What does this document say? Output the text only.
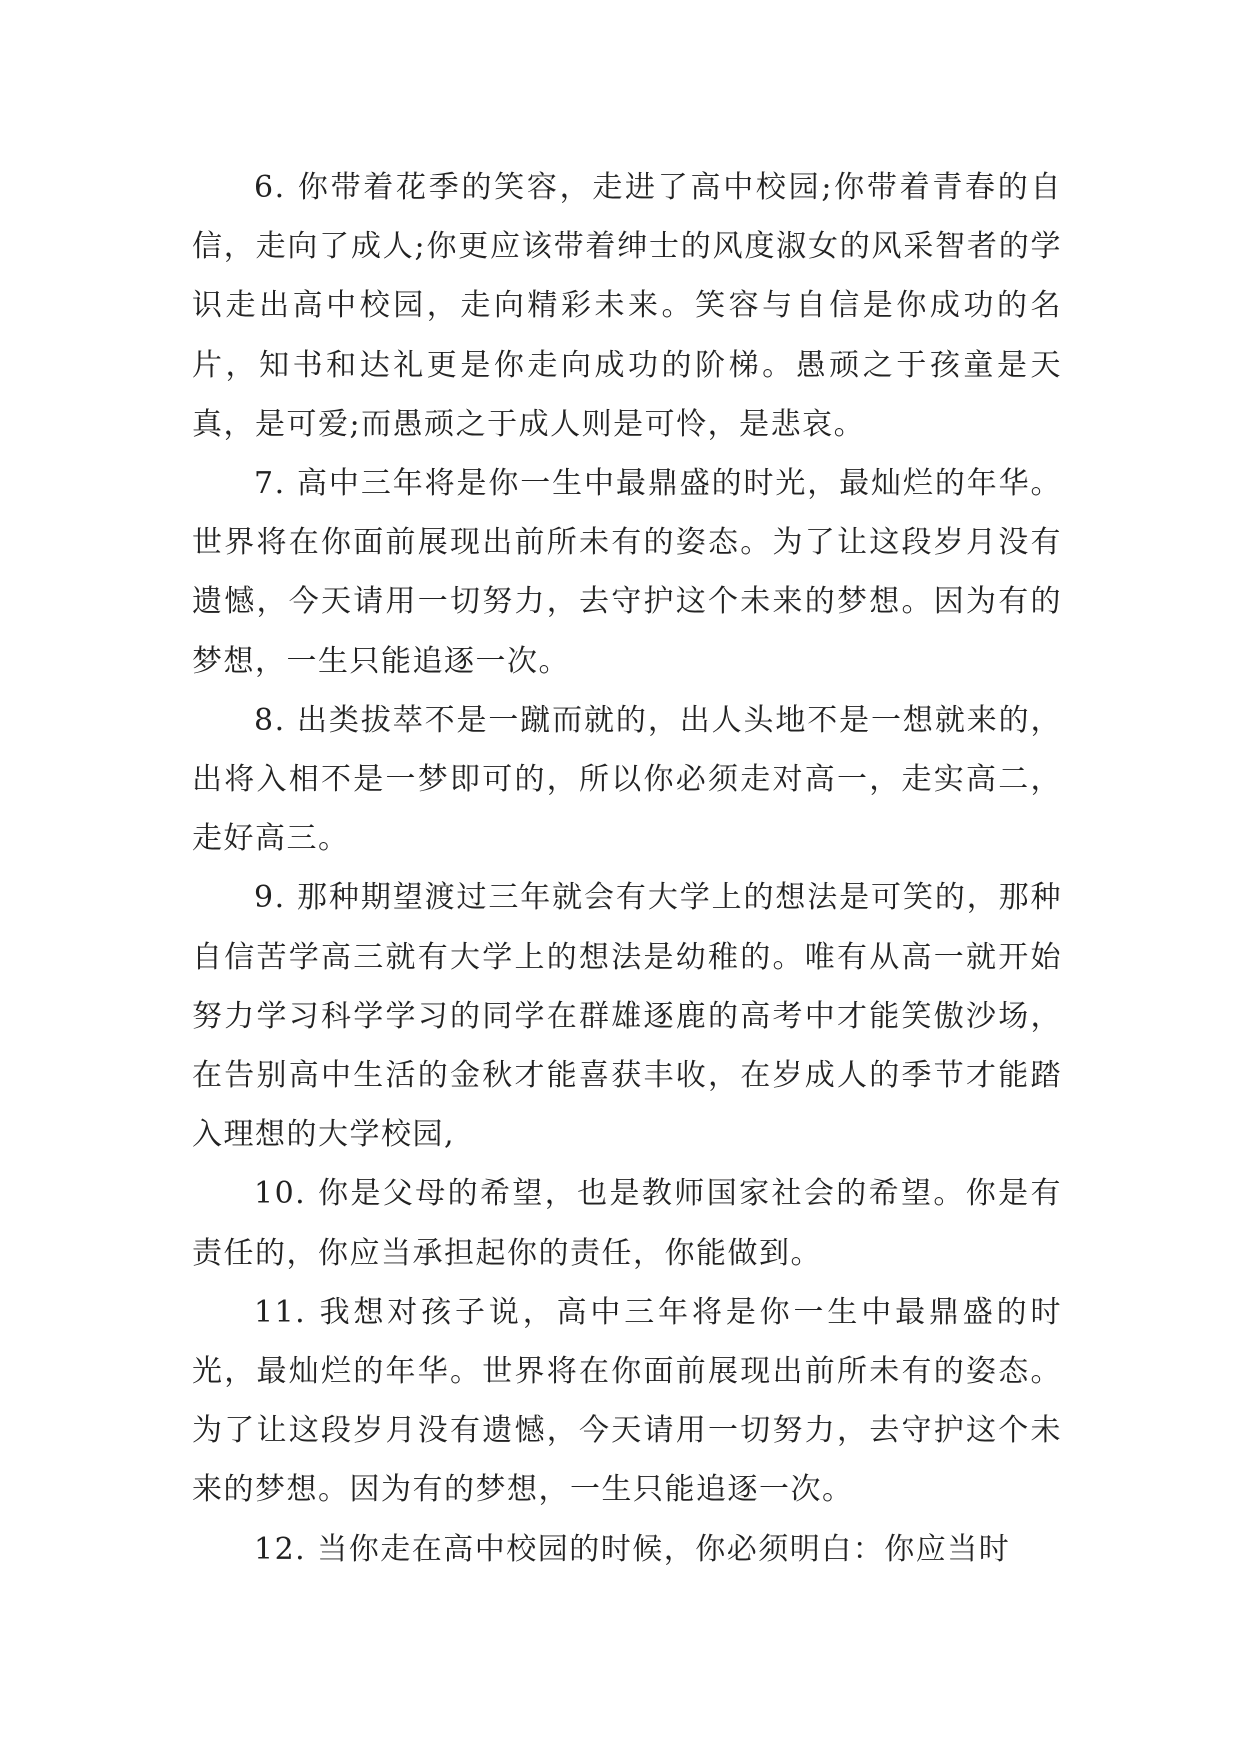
6. 你带着花季的笑容，走进了高中校园;你带着青春的自信，走向了成人;你更应该带着绅士的风度淑女的风采智者的学识走出高中校园，走向精彩未来。笑容与自信是你成功的名片，知书和达礼更是你走向成功的阶梯。愚顽之于孩童是天真，是可爱;而愚顽之于成人则是可怜，是悲哀。

7. 高中三年将是你一生中最鼎盛的时光，最灿烂的年华。世界将在你面前展现出前所未有的姿态。为了让这段岁月没有遗憾，今天请用一切努力，去守护这个未来的梦想。因为有的梦想，一生只能追逐一次。

8. 出类拔萃不是一蹴而就的，出人头地不是一想就来的，出将入相不是一梦即可的，所以你必须走对高一，走实高二，走好高三。

9. 那种期望渡过三年就会有大学上的想法是可笑的，那种自信苦学高三就有大学上的想法是幼稚的。唯有从高一就开始努力学习科学学习的同学在群雄逐鹿的高考中才能笑傲沙场，在告别高中生活的金秋才能喜获丰收，在岁成人的季节才能踏入理想的大学校园,

10. 你是父母的希望，也是教师国家社会的希望。你是有责任的，你应当承担起你的责任，你能做到。

11. 我想对孩子说，高中三年将是你一生中最鼎盛的时光，最灿烂的年华。世界将在你面前展现出前所未有的姿态。为了让这段岁月没有遗憾，今天请用一切努力，去守护这个未来的梦想。因为有的梦想，一生只能追逐一次。

12. 当你走在高中校园的时候，你必须明白：你应当时
